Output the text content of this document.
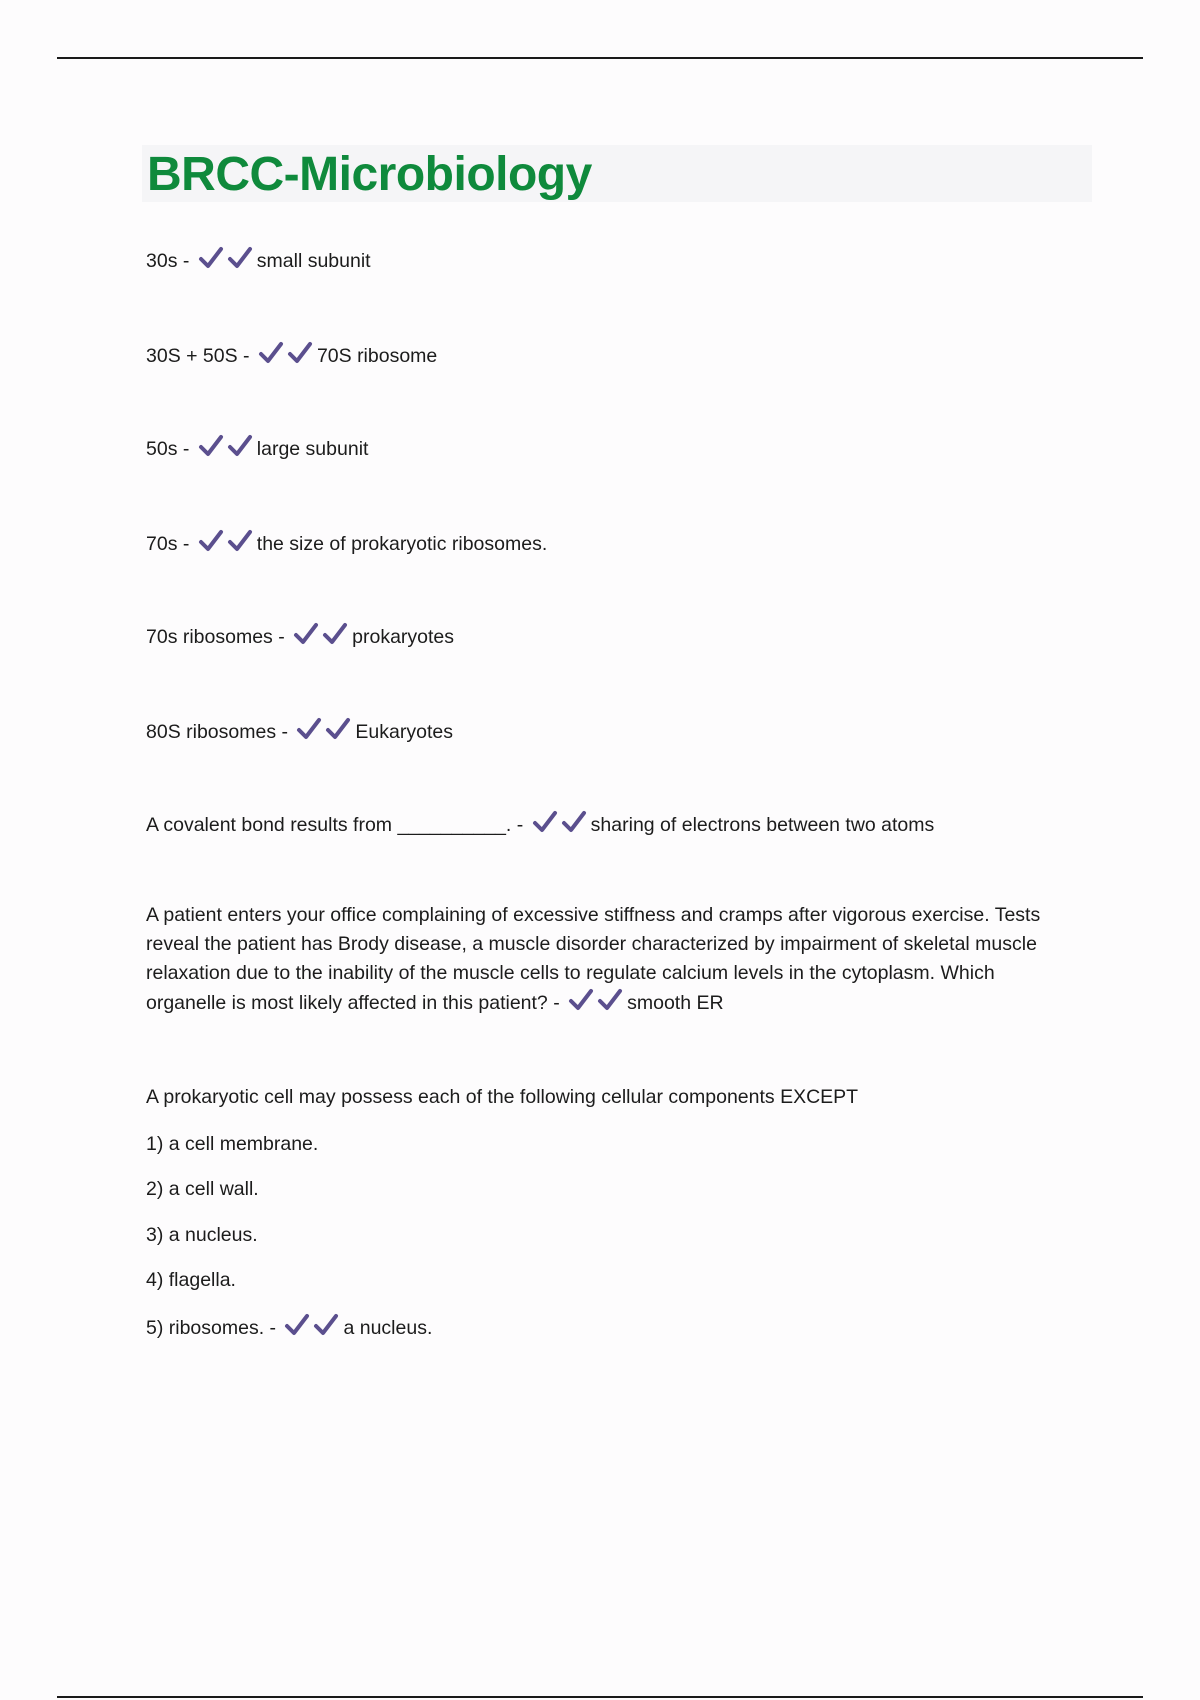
BRCC-Microbiology

30s -	small subunit

30S + 50S -	70S ribosome

50s -	large subunit

70s -	the size of prokaryotic ribosomes.

70s ribosomes -	prokaryotes

80S ribosomes -	Eukaryotes

A covalent bond results from __________. -	sharing of electrons between two atoms

A patient enters your office complaining of excessive stiffness and cramps after vigorous exercise. Tests reveal the patient has Brody disease, a muscle disorder characterized by impairment of skeletal muscle relaxation due to the inability of the muscle cells to regulate calcium levels in the cytoplasm. Which organelle is most likely affected in this patient? -	smooth ER

A prokaryotic cell may possess each of the following cellular components EXCEPT

1) a cell membrane.

2) a cell wall.

3) a nucleus.

4) flagella.

5) ribosomes. -	a nucleus.
